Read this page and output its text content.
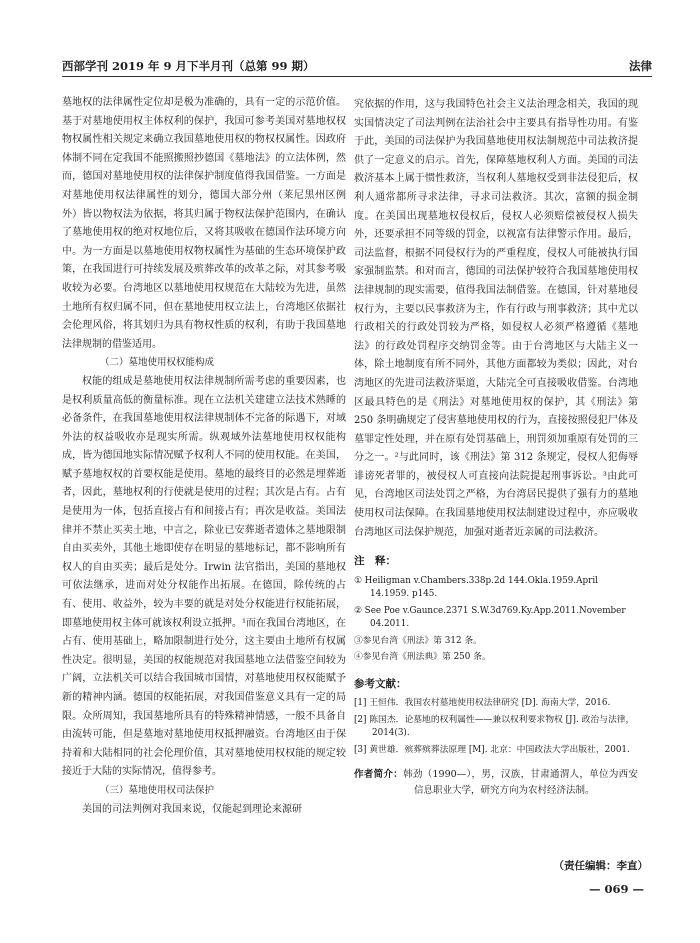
西部学刊 2019 年 9 月下半月刊（总第 99 期）	法律

墓地权的法律属性定位却是极为准确的，具有一定的示范价值。基于对墓地使用权主体权利的保护，我国可参考美国对墓地权权物权属性相关规定来确立我国墓地使用权的物权权属性。因政府体制不同在定我国不能照搬照抄德国《墓地法》的立法体例，然而，德国对墓地使用权的法律保护制度值得我国借鉴。一方面是对墓地使用权法律属性的划分，德国大部分州（莱尼黑州区例外）皆以物权法为依据，将其归属于物权法保护范围内，在确认了墓地使用权的绝对权地位后，又将其吸收在德国作法环境方向中。为一方面是以墓地使用权物权属性为基础的生态环境保护政策，在我国进行可持续发展及殡葬改革的改革之际，对其参考吸收较为必要。台湾地区以墓地使用权规范在大陆较为先进，虽然土地所有权归属不同，但在墓地使用权立法上，台湾地区依据社会伦理风俗，将其划归为具有物权性质的权利，有助于我国墓地法律规制的借鉴适用。

（二）墓地使用权权能构成

权能的组成是墓地使用权法律规制所需考虑的重要因素，也是权利质量高低的衡量标准。现在立法机关建建立法技术熟睡的必备条件，在我国墓地使用权法律规制体不完备的际遇下，对域外法的权益吸收亦是现实所需。纵观域外法墓地使用权权能构成，皆为德国地实际情况赋予权利人不同的使用权能。在美国，赋予墓地权权的首要权能是使用。墓地的最终目的必然是埋葬逝者，因此，墓地权利的行使就是使用的过程；其次是占有。占有是使用为一体，包括直接占有和间接占有；再次是收益。美国法律并不禁止买卖土地，中言之，除业已安葬逝者遗体之墓地限制自由买卖外，其他土地即使存在明显的墓地标记，都不影响所有权人的自由买卖；最后是处分。Irwin 法官指出，美国的墓地权可依法继承，进而对处分权能作出拓展。在德国，除传统的占有、使用、收益外，较为丰要的就是对处分权能进行权能拓展，即墓地使用权主体可就该权利设立抵押。¹而在我国台湾地区，在占有、使用基础上，略加限制进行处分，这主要由土地所有权属性决定。很明显，美国的权能规范对我国墓地立法借鉴空间较为广阔，立法机关可以结合我国城市国情，对墓地使用权权能赋予新的精神内涵。德国的权能拓展，对我国借鉴意义具有一定的局限。众所周知，我国墓地所具有的特殊精神情感，一般不具备自由流转可能，但是墓地对墓地使用权抵押融资。台湾地区由于保持着和大陆相同的社会伦理价值，其对墓地使用权权能的规定较接近于大陆的实际情况，值得参考。

（三）墓地使用权司法保护

美国的司法判例对我国来说，仅能起到理论来源研

究依据的作用，这与我国特色社会主义法治理念相关，我国的现实国情决定了司法判例在法治社会中主要具有指导性功用。有鉴于此，美国的司法保护为我国墓地使用权法制规范中司法救济提供了一定意义的启示。首先，保障墓地权利人方面。美国的司法救济基本上属于惯性救济，当权利人墓地权受到非法侵犯后，权利人通常都所寻求法律，寻求司法救济。其次，富额的损金制度。在美国出现墓地权侵权后，侵权人必须赔偿被侵权人损失外，还要承担不同等级的罚金，以视富有法律警示作用。最后，司法监督，根据不同侵权行为的严重程度，侵权人可能被执行国家强制监禁。和对而言，德国的司法保护较符合我国墓地使用权法律规制的现实需要，值得我国法制借鉴。在德国，针对墓地侵权行为，主要以民事救济为主，作有行政与刑事救济；其中尤以行政相关的行政处罚较为严格，如侵权人必须严格遵循《墓地法》的行政处罚程序交纳罚金等。由于台湾地区与大陆主义一体，除土地制度有所不同外，其他方面都较为类似；因此，对台湾地区的先进司法救济渠道，大陆完全可直接吸收借鉴。台湾地区最具特色的是《刑法》对墓地使用权的保护，其《刑法》第 250 条明确规定了侵害墓地使用权的行为，直接按照侵犯尸体及墓罪定性处理，并在原有处罚基础上，刑罚须加重原有处罚的三分之一。²与此同时，该《刑法》第 312 条规定，侵权人犯侮辱诽谤死者罪的，被侵权人可直接向法院提起刑事诉讼。³由此可见，台湾地区司法处罚之严格，为台湾居民提供了强有力的墓地使用权司法保障。在我国墓地使用权法制建设过程中，亦应吸收台湾地区司法保护规范，加强对逝者近亲属的司法救济。

注　释：
① Heiligman v.Chambers.338p.2d 144.Okla.1959.April 14.1959. p145.
② See Poe v.Gaunce.2371 S.W.3d769.Ky.App.2011.November 04.2011.
③参见台湾《刑法》第 312 条。
④参见台湾《刑法典》第 250 条。
参考文献：
[1] 王恒伟．我国农村墓地使用权法律研究 [D]. 海南大学，2016.
[2] 陈国杰．论墓地的权利属性——兼以权利要求物权 [J]. 政治与法律，2014(3).
[3] 黄世雄．殡葬殡葬法原理 [M]. 北京：中国政法大学出版社，2001.
作者简介：韩劲（1990—），男，汉族，甘肃通渭人，单位为西安信息职业大学，研究方向为农村经济法制。
（责任编辑：李直）
— 069 —
